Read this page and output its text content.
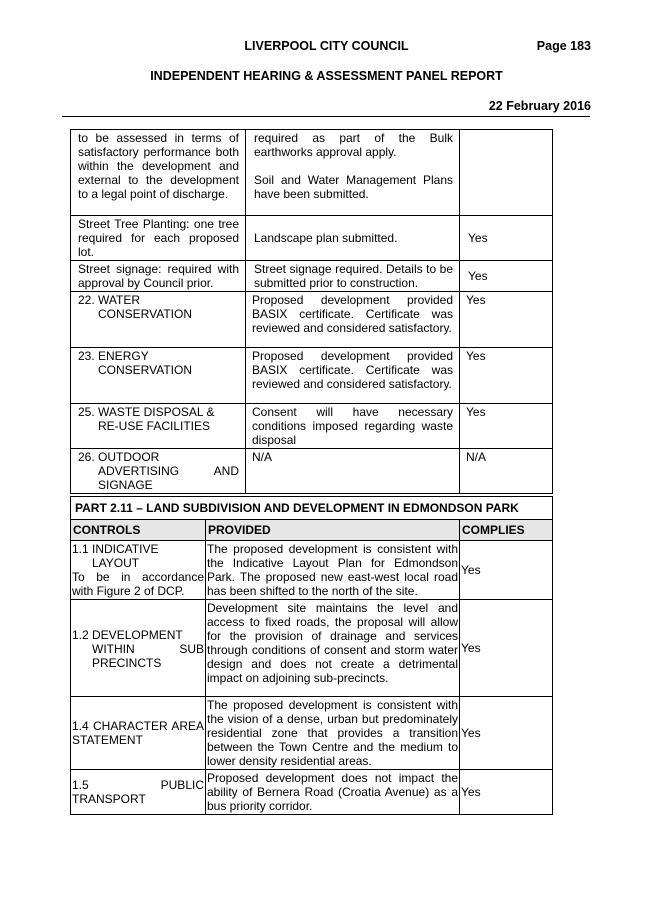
LIVERPOOL CITY COUNCIL	Page 183
INDEPENDENT HEARING & ASSESSMENT PANEL REPORT
22 February 2016
to be assessed in terms of satisfactory performance both within the development and external to the development to a legal point of discharge.	required as part of the Bulk earthworks approval apply.

Soil and Water Management Plans have been submitted.	
Street Tree Planting: one tree required for each proposed lot.	Landscape plan submitted.	Yes
Street signage: required with approval by Council prior.	Street signage required. Details to be submitted prior to construction.	Yes
22. WATER
CONSERVATION	Proposed development provided BASIX certificate. Certificate was reviewed and considered satisfactory.	Yes
23. ENERGY
CONSERVATION	Proposed development provided BASIX certificate. Certificate was reviewed and considered satisfactory.	Yes
25. WASTE DISPOSAL &
RE-USE FACILITIES	Consent will have necessary conditions imposed regarding waste disposal	Yes
26. OUTDOOR
ADVERTISING AND SIGNAGE	N/A	N/A
PART 2.11 – LAND SUBDIVISION AND DEVELOPMENT IN EDMONDSON PARK		
CONTROLS	PROVIDED	COMPLIES
1.1 INDICATIVE
LAYOUT
To be in accordance with Figure 2 of DCP.	The proposed development is consistent with the Indicative Layout Plan for Edmondson Park. The proposed new east-west local road has been shifted to the north of the site.	Yes
1.2 DEVELOPMENT
WITHIN SUB PRECINCTS	Development site maintains the level and access to fixed roads, the proposal will allow for the provision of drainage and services through conditions of consent and storm water design and does not create a detrimental impact on adjoining sub-precincts.	Yes
1.4 CHARACTER AREA STATEMENT	The proposed development is consistent with the vision of a dense, urban but predominately residential zone that provides a transition between the Town Centre and the medium to lower density residential areas.	Yes
1.5 PUBLIC TRANSPORT	Proposed development does not impact the ability of Bernera Road (Croatia Avenue) as a bus priority corridor.	Yes
